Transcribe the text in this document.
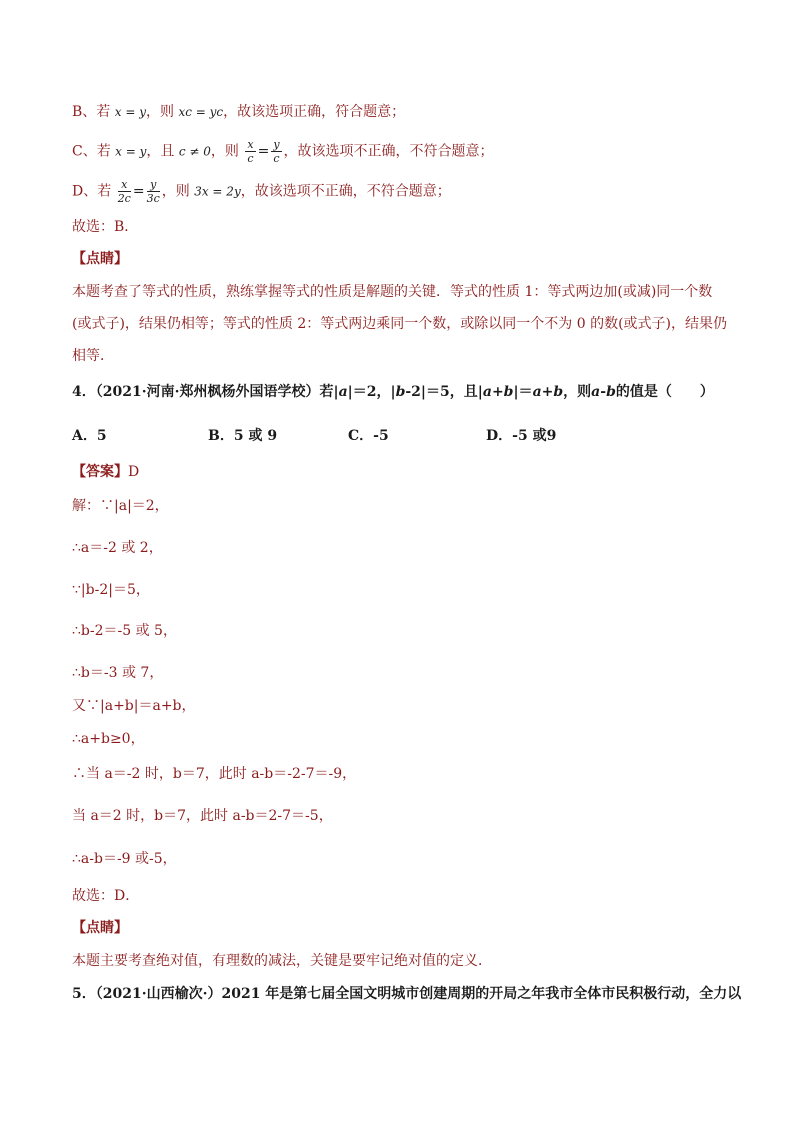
B、若 x = y，则 xc = yc，故该选项正确，符合题意；
C、若 x = y，且 c ≠ 0，则 $\frac{x}{c} = \frac{y}{c}$ ，故该选项不正确，不符合题意；
D、若 $\frac{x}{2c} = \frac{y}{3c}$ ，则 3x = 2y，故该选项不正确，不符合题意；
故选：B．
【点睛】
本题考查了等式的性质，熟练掌握等式的性质是解题的关键．等式的性质 1：等式两边加(或减)同一个数
(或式子)，结果仍相等；等式的性质 2：等式两边乘同一个数，或除以同一个不为 0 的数(或式子)，结果仍
相等．
4．（2021·河南·郑州枫杨外国语学校）若|a|＝2，|b-2|＝5，且|a+b|＝a+b，则a-b的值是（　　）
A．5	B．5 或 9	C．-5	D．-5 或9
【答案】D
解：∵|a|＝2，
∴a＝-2 或 2，
∵|b-2|＝5，
∴b-2＝-5 或 5，
∴b＝-3 或 7，
又∵|a+b|＝a+b，
∴a+b≥0，
∴当 a＝-2 时，b＝7，此时 a-b＝-2-7＝-9，
当 a＝2 时，b＝7，此时 a-b＝2-7＝-5，
∴a-b＝-9 或-5，
故选：D．
【点睛】
本题主要考查绝对值，有理数的减法，关键是要牢记绝对值的定义．
5．（2021·山西榆次·）2021 年是第七届全国文明城市创建周期的开局之年我市全体市民积极行动，全力以
